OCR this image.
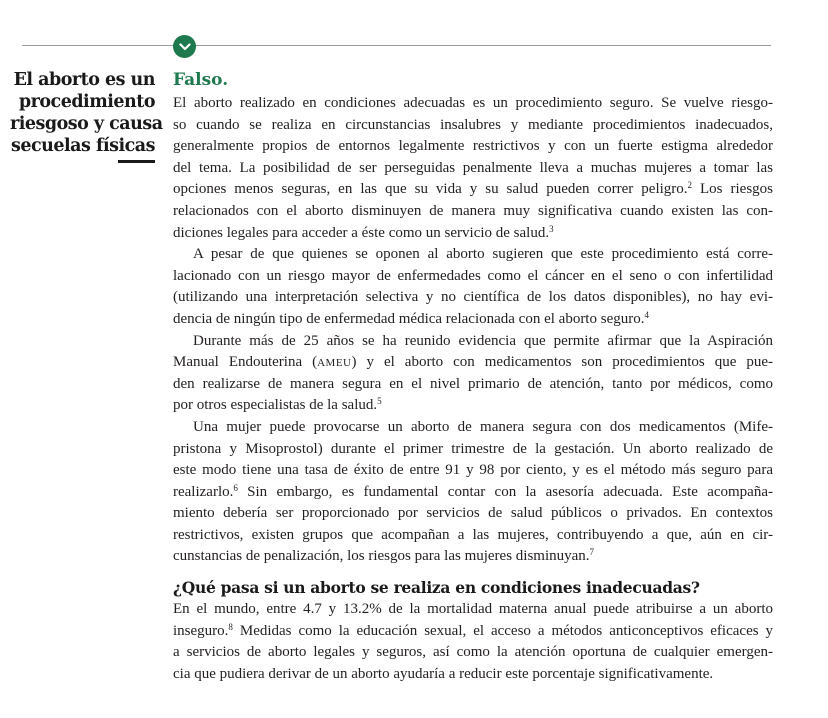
El aborto es un
procedimiento
riesgoso y causa
secuelas físicas
Falso.
El aborto realizado en condiciones adecuadas es un procedimiento seguro. Se vuelve riesgo-
so cuando se realiza en circunstancias insalubres y mediante procedimientos inadecuados,
generalmente propios de entornos legalmente restrictivos y con un fuerte estigma alrededor
del tema. La posibilidad de ser perseguidas penalmente lleva a muchas mujeres a tomar las
opciones menos seguras, en las que su vida y su salud pueden correr peligro.$^2$ Los riesgos
relacionados con el aborto disminuyen de manera muy significativa cuando existen las con-
diciones legales para acceder a éste como un servicio de salud.$^3$
A pesar de que quienes se oponen al aborto sugieren que este procedimiento está corre-
lacionado con un riesgo mayor de enfermedades como el cáncer en el seno o con infertilidad
(utilizando una interpretación selectiva y no científica de los datos disponibles), no hay evi-
dencia de ningún tipo de enfermedad médica relacionada con el aborto seguro.$^4$
Durante más de 25 años se ha reunido evidencia que permite afirmar que la Aspiración
Manual Endouterina (ameu) y el aborto con medicamentos son procedimientos que pue-
den realizarse de manera segura en el nivel primario de atención, tanto por médicos, como
por otros especialistas de la salud.$^5$
Una mujer puede provocarse un aborto de manera segura con dos medicamentos (Mife-
pristona y Misoprostol) durante el primer trimestre de la gestación. Un aborto realizado de
este modo tiene una tasa de éxito de entre 91 y 98 por ciento, y es el método más seguro para
realizarlo.$^6$ Sin embargo, es fundamental contar con la asesoría adecuada. Este acompaña-
miento debería ser proporcionado por servicios de salud públicos o privados. En contextos
restrictivos, existen grupos que acompañan a las mujeres, contribuyendo a que, aún en cir-
cunstancias de penalización, los riesgos para las mujeres disminuyan.$^7$
¿Qué pasa si un aborto se realiza en condiciones inadecuadas?
En el mundo, entre 4.7 y 13.2% de la mortalidad materna anual puede atribuirse a un aborto
inseguro.$^8$ Medidas como la educación sexual, el acceso a métodos anticonceptivos eficaces y
a servicios de aborto legales y seguros, así como la atención oportuna de cualquier emergen-
cia que pudiera derivar de un aborto ayudaría a reducir este porcentaje significativamente.
